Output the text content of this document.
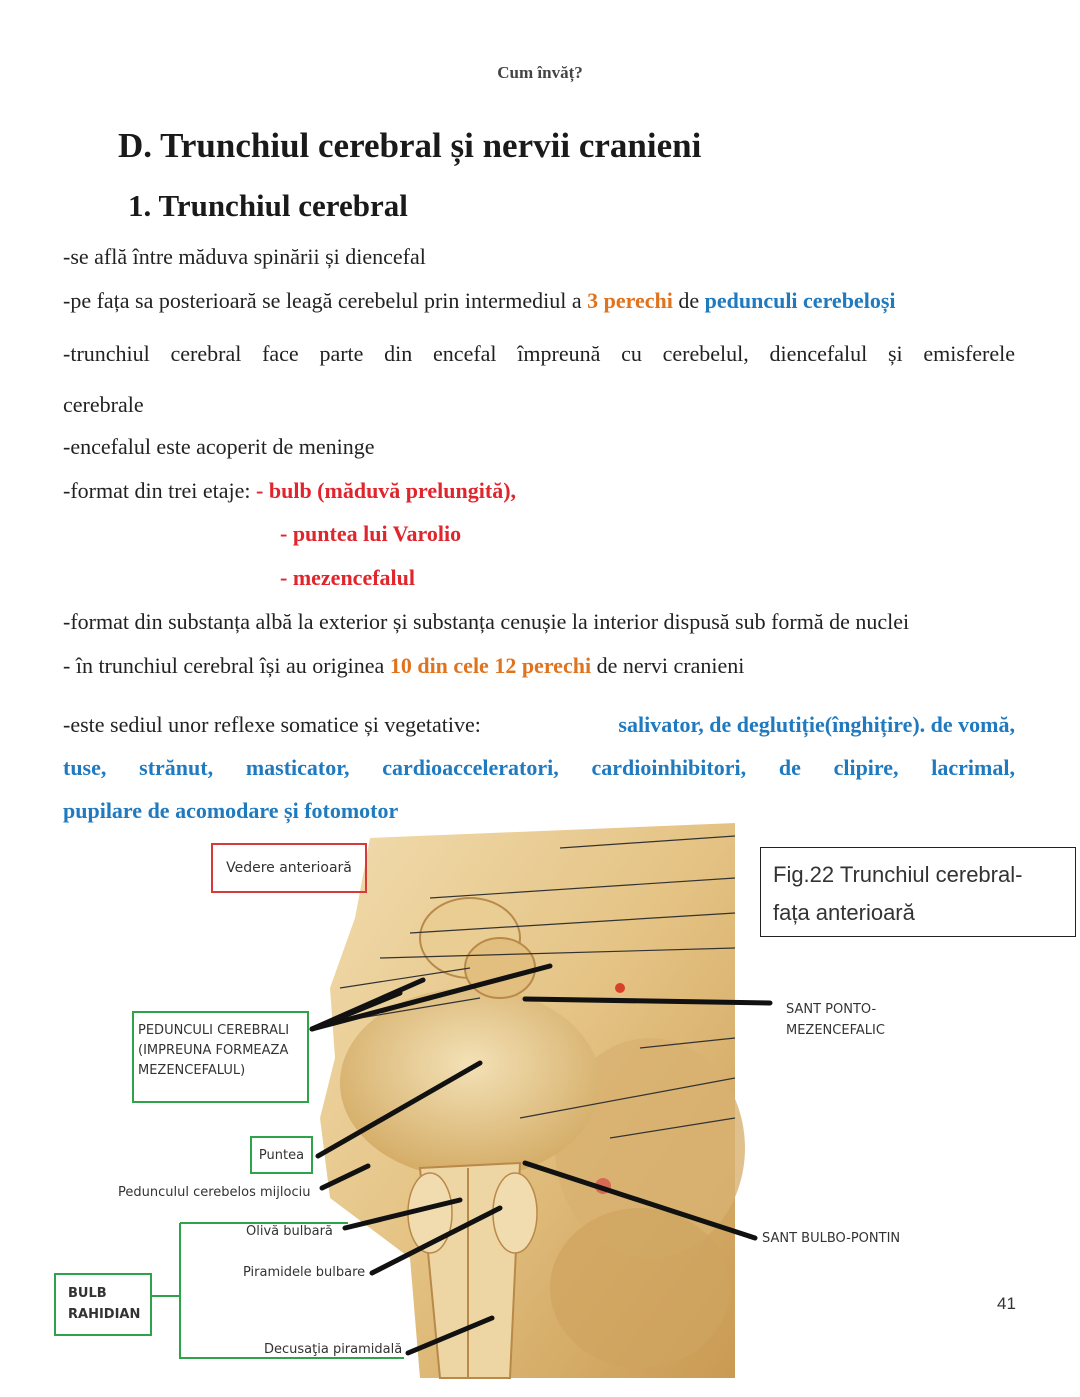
Cum învăț?
D. Trunchiul cerebral și nervii cranieni
1. Trunchiul cerebral
-se află între măduva spinării și diencefal
-pe fața sa posterioară se leagă cerebelul prin intermediul a 3 perechi de pedunculi cerebeloși
-trunchiul cerebral face parte din encefal împreună cu cerebelul, diencefalul și emisferele
cerebrale
-encefalul este acoperit de meninge
-format din trei etaje: - bulb (măduvă prelungită),
- puntea lui Varolio
- mezencefalul
-format din substanța albă la exterior și substanța cenușie la interior dispusă sub formă de nuclei
- în trunchiul cerebral își au originea 10 din cele 12 perechi de nervi cranieni
-este sediul unor reflexe somatice și vegetative:	salivator, de deglutiție(înghițire). de vomă,
tuse, strănut, masticator, cardioacceleratori, cardioinhibitori, de clipire, lacrimal,
pupilare de acomodare și fotomotor
Vedere anterioară	Fig.22 Trunchiul cerebral-
fața anterioară
PEDUNCULI CEREBRALI
(IMPREUNA FORMEAZA
MEZENCEFALUL)
Puntea
Pedunculul cerebelos mijlociu
Olivă bulbară
Piramidele bulbare
Decusaţia piramidală
BULB
RAHIDIAN
SANT PONTO-
MEZENCEFALIC
SANT BULBO-PONTIN
41
